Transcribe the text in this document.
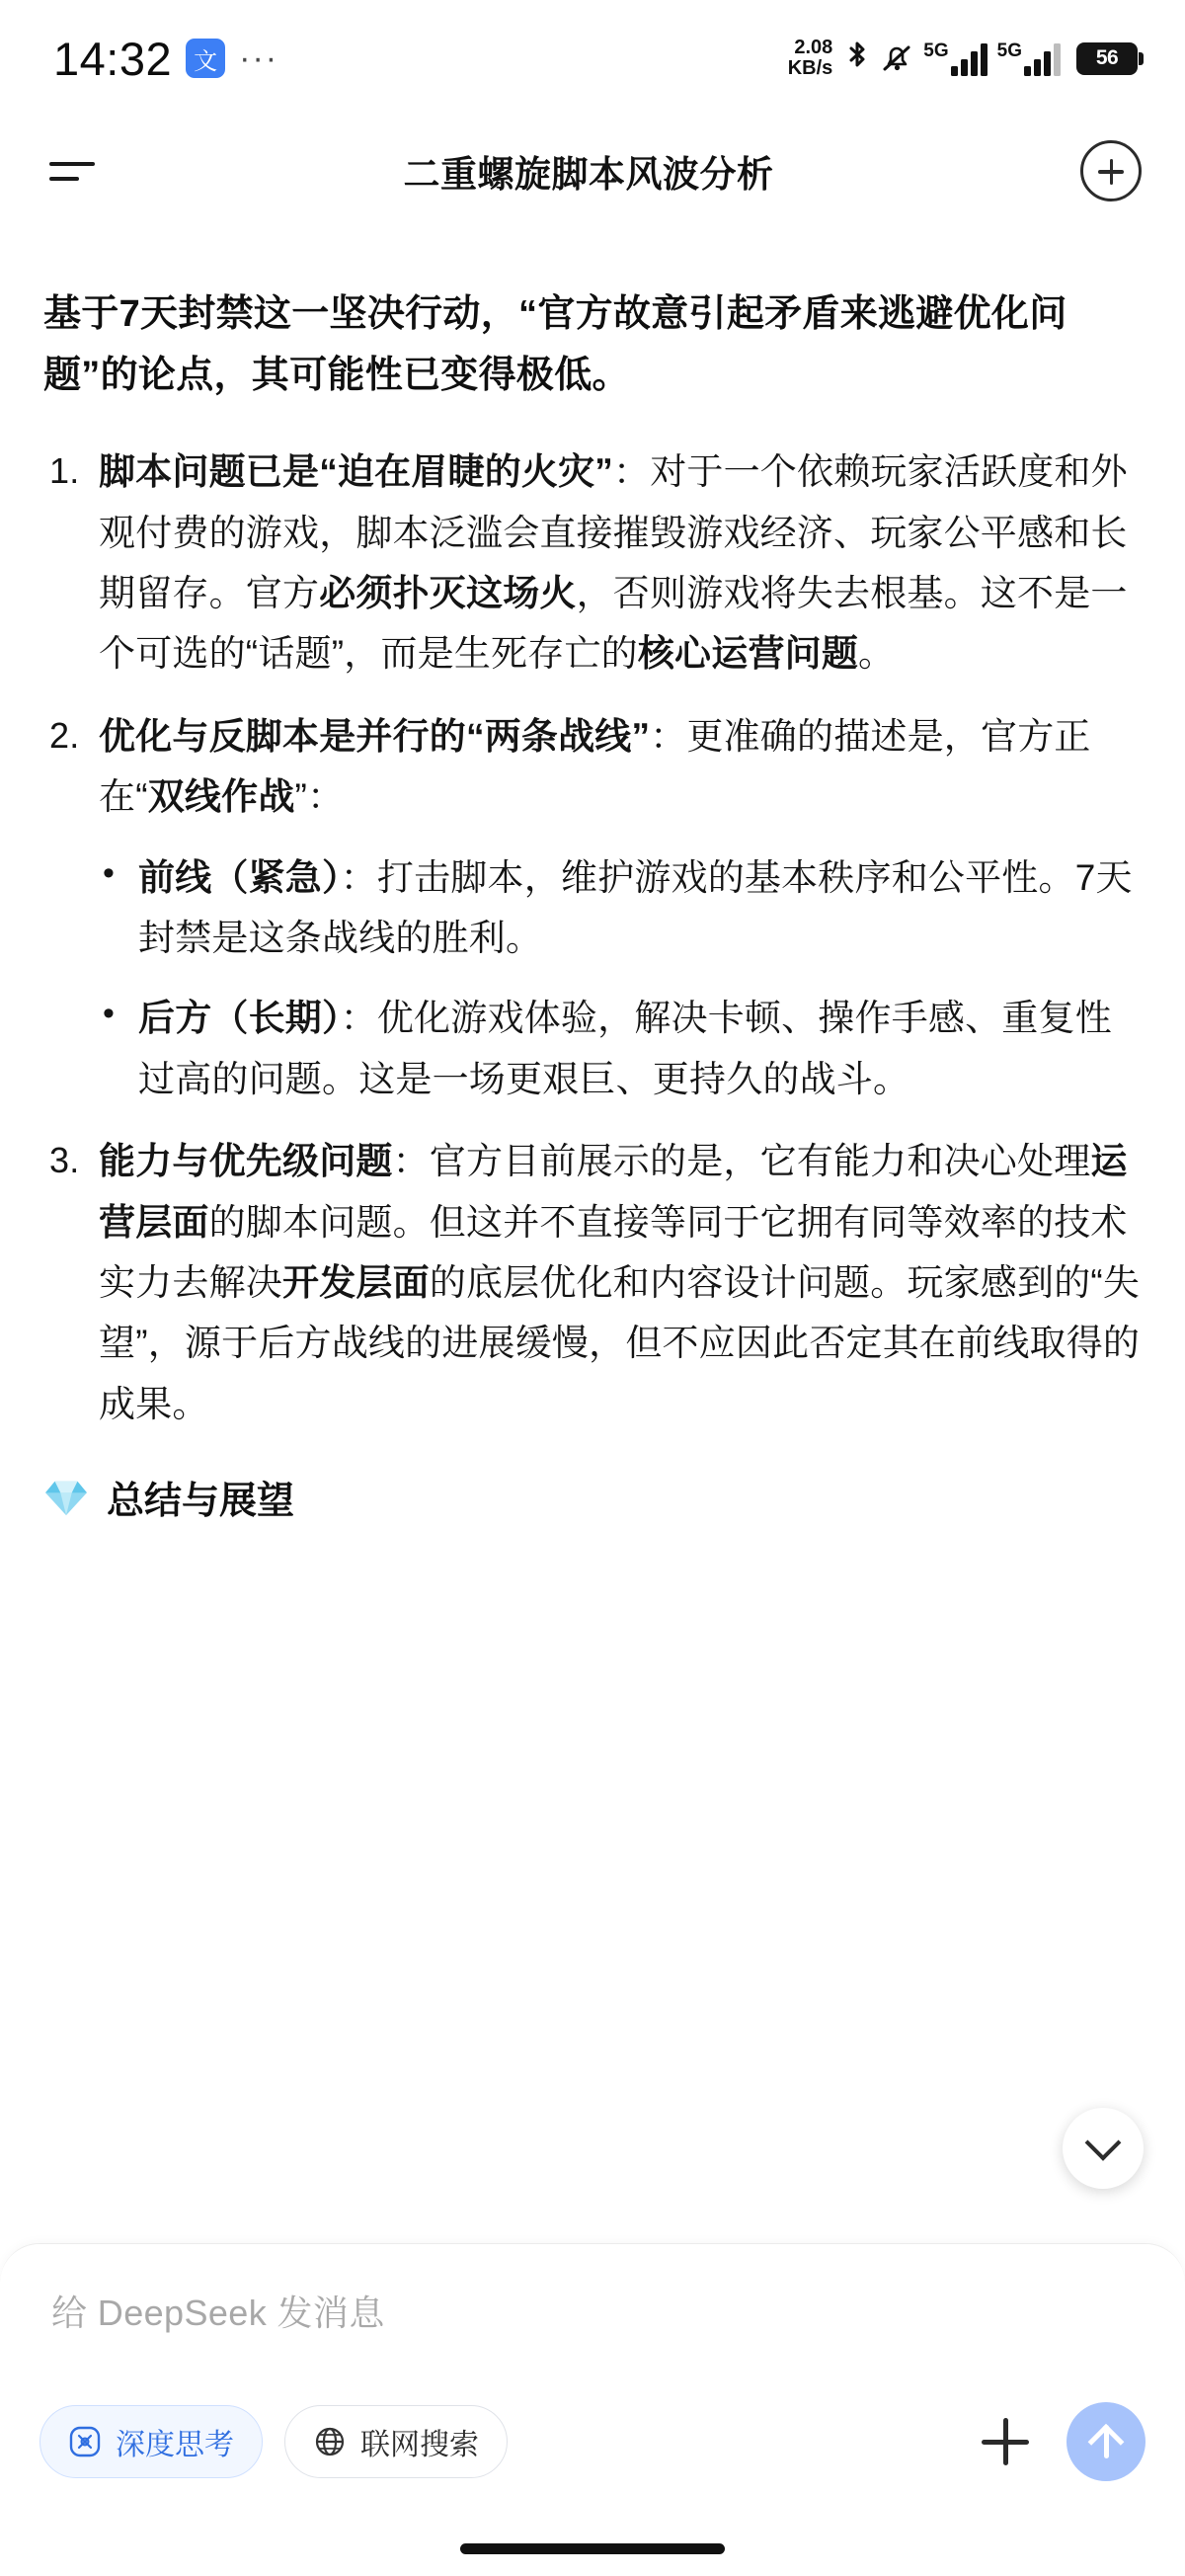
14:32 文 ···	2.08
KB/s
5G	5G	56
二重螺旋脚本风波分析

基于7天封禁这一坚决行动，“官方故意引起矛盾来逃避优化问题”的论点，其可能性已变得极低。

脚本问题已是“迫在眉睫的火灾”：对于一个依赖玩家活跃度和外观付费的游戏，脚本泛滥会直接摧毁游戏经济、玩家公平感和长期留存。官方必须扑灭这场火，否则游戏将失去根基。这不是一个可选的“话题”，而是生死存亡的核心运营问题。
优化与反脚本是并行的“两条战线”：更准确的描述是，官方正在“双线作战”：
• 前线（紧急）：打击脚本，维护游戏的基本秩序和公平性。7天封禁是这条战线的胜利。
• 后方（长期）：优化游戏体验，解决卡顿、操作手感、重复性过高的问题。这是一场更艰巨、更持久的战斗。
能力与优先级问题：官方目前展示的是，它有能力和决心处理运营层面的脚本问题。但这并不直接等同于它拥有同等效率的技术实力去解决开发层面的底层优化和内容设计问题。玩家感到的“失望”，源于后方战线的进展缓慢，但不应因此否定其在前线取得的成果。
总结与展望
给 DeepSeek 发消息
深度思考	联网搜索
